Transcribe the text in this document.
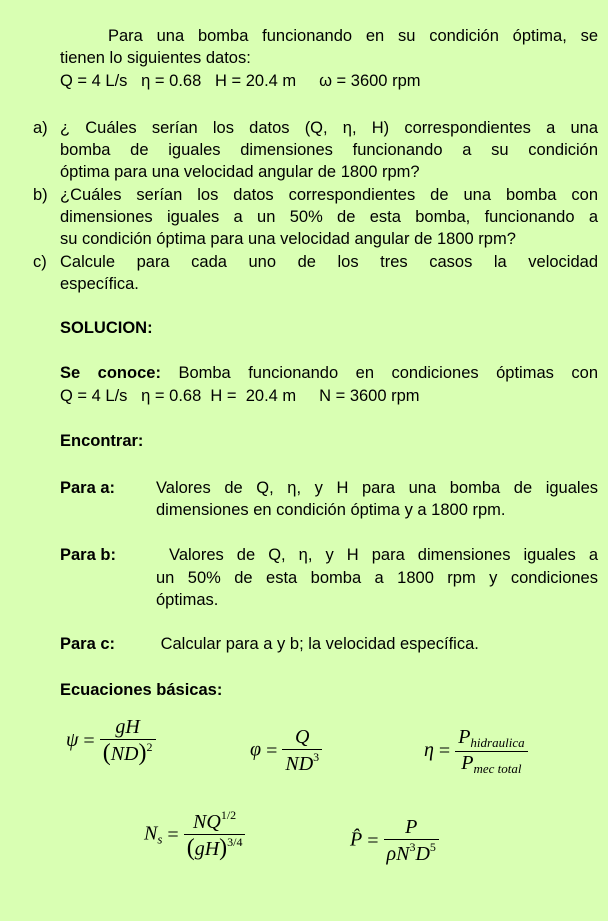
Para una bomba funcionando en su condición óptima, se
tienen lo siguientes datos:
Q = 4 L/s   η = 0.68   H = 20.4 m     ω = 3600 rpm
a) ¿ Cuáles serían los datos (Q, η, H) correspondientes a una
bomba de iguales dimensiones funcionando a su condición
óptima para una velocidad angular de 1800 rpm?
b) ¿Cuáles serían los datos correspondientes de una bomba con
dimensiones iguales a un 50% de esta bomba, funcionando a
su condición óptima para una velocidad angular de 1800 rpm?
c) Calcule para cada uno de los tres casos la velocidad
específica.
SOLUCION:
Se conoce: Bomba funcionando en condiciones óptimas con
Q = 4 L/s   η = 0.68  H =  20.4 m     N = 3600 rpm
Encontrar:
Para a: Valores de Q, η, y H para una bomba de iguales
dimensiones en condición óptima y a 1800 rpm.
Para b: Valores de Q, η, y H para dimensiones iguales a
un 50% de esta bomba a 1800 rpm y condiciones
óptimas.
Para c: Calcular para a y b; la velocidad específica.
Ecuaciones básicas:
$\psi = \frac{gH}{(ND)^2}$	$\varphi = \frac{Q}{ND^3}$	$\eta = \frac{P_{hidraulica}}{P_{mec total}}$
$N_s = \frac{NQ^{1/2}}{(gH)^{3/4}}$	P̂ = $\frac{P}{\rho N^3D^5}$
